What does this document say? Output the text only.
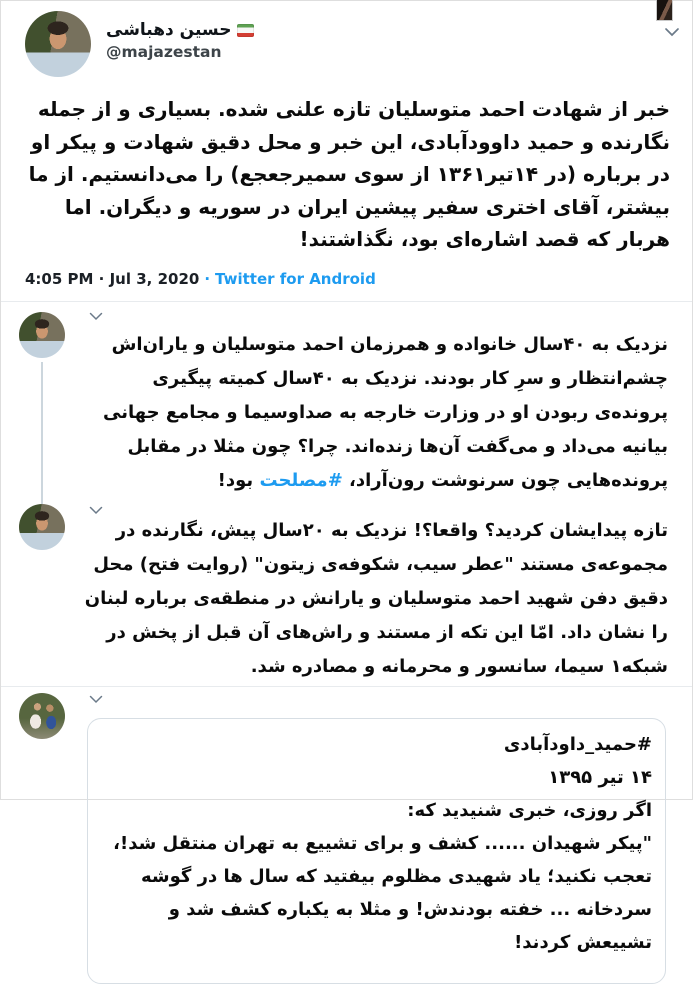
حسین دهباشی
@majazestan
خبر از شهادت احمد متوسلیان تازه علنی شده. بسیاری و از جمله نگارنده و حمید داوودآبادی، این خبر و محل دقیق شهادت و پیکر او در برباره (در ۱۴تیر۱۳۶۱ از سوی سمیرجعجع) را می‌دانستیم. از ما بیشتر، آقای اختری سفیر پیشین ایران در سوریه و دیگران. اما هربار که قصد اشاره‌ای بود، نگذاشتند!
4:05 PM · Jul 3, 2020 · Twitter for Android
نزدیک به ۴۰سال خانواده و همرزمان احمد متوسلیان و یاران‌اش چشم‌انتظار و سرِ کار بودند. نزدیک به ۴۰سال کمیته پیگیری پرونده‌ی ربودن او در وزارت خارجه به صداوسیما و مجامع جهانی بیانیه می‌داد و می‌گفت آن‌ها زنده‌اند. چرا؟ چون مثلا در مقابل پرونده‌هایی چون سرنوشت رون‌آراد، #مصلحت بود!
تازه پیدایشان کردید؟ واقعا؟! نزدیک به ۲۰سال پیش، نگارنده در مجموعه‌ی مستند "عطر سیب، شکوفه‌ی زیتون" (روایت فتح) محل دقیق دفن شهید احمد متوسلیان و یارانش در منطقه‌ی برباره لبنان را نشان داد. امّا این تکه از مستند و راش‌های آن قبل از پخش در شبکه۱ سیما، سانسور و محرمانه و مصادره شد.
#حمید_داودآبادی
۱۴ تیر ۱۳۹۵
اگر روزی، خبری شنیدید که:
"پیکر شهیدان ...... کشف و برای تشییع به تهران منتقل شد!، تعجب نکنید؛ یاد شهیدی مظلوم بیفتید که سال ها در گوشه سردخانه ... خفته بودندش! و مثلا به یکباره کشف شد و تشییعش کردند!
